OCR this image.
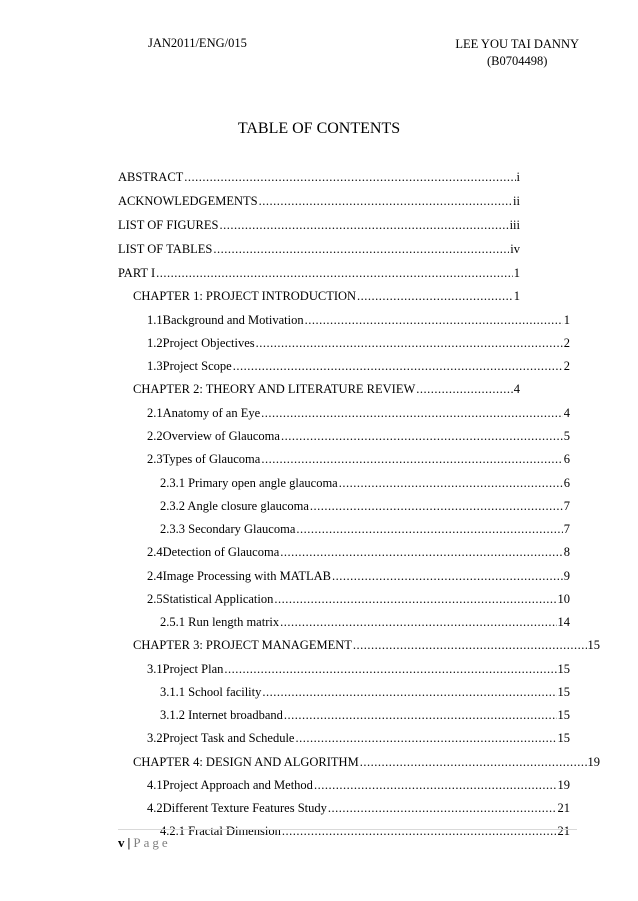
JAN2011/ENG/015	LEE YOU TAI DANNY
(B0704498)
TABLE OF CONTENTS
ABSTRACT .....	i
ACKNOWLEDGEMENTS .....	ii
LIST OF FIGURES .....	iii
LIST OF TABLES .....	iv
PART I .....	1
CHAPTER 1: PROJECT INTRODUCTION .....	1
1.1 Background and Motivation .....	1
1.2 Project Objectives .....	2
1.3 Project Scope .....	2
CHAPTER 2: THEORY AND LITERATURE REVIEW .....	4
2.1 Anatomy of an Eye .....	4
2.2 Overview of Glaucoma .....	5
2.3 Types of Glaucoma .....	6
2.3.1 Primary open angle glaucoma .....	6
2.3.2 Angle closure glaucoma .....	7
2.3.3 Secondary Glaucoma .....	7
2.4 Detection of Glaucoma .....	8
2.4 Image Processing with MATLAB .....	9
2.5 Statistical Application .....	10
2.5.1 Run length matrix .....	14
CHAPTER 3: PROJECT MANAGEMENT .....	15
3.1 Project Plan .....	15
3.1.1 School facility .....	15
3.1.2 Internet broadband .....	15
3.2 Project Task and Schedule .....	15
CHAPTER 4: DESIGN AND ALGORITHM .....	19
4.1 Project Approach and Method .....	19
4.2 Different Texture Features Study .....	21
4.2.1 Fractal Dimension .....	21
v | Page
